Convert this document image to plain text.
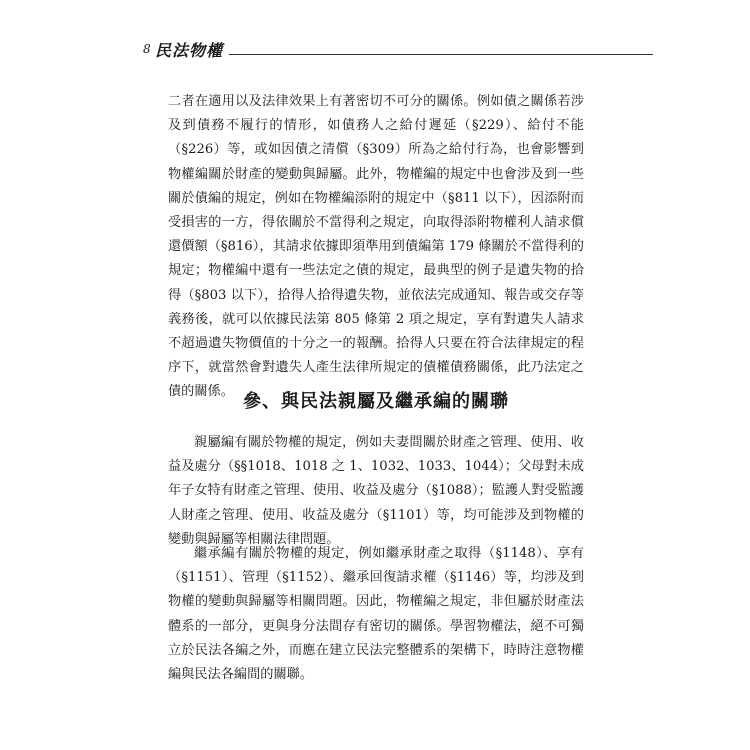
8 民法物權

二者在適用以及法律效果上有著密切不可分的關係。例如債之關係若涉及到債務不履行的情形，如債務人之給付遲延（§229）、給付不能（§226）等，或如因債之清償（§309）所為之給付行為，也會影響到物權編關於財產的變動與歸屬。此外，物權編的規定中也會涉及到一些關於債編的規定，例如在物權編添附的規定中（§811 以下），因添附而受損害的一方，得依關於不當得利之規定，向取得添附物權利人請求償還價額（§816），其請求依據即須準用到債編第 179 條關於不當得利的規定；物權編中還有一些法定之債的規定，最典型的例子是遺失物的拾得（§803 以下），拾得人拾得遺失物，並依法完成通知、報告或交存等義務後，就可以依據民法第 805 條第 2 項之規定，享有對遺失人請求不超過遺失物價值的十分之一的報酬。拾得人只要在符合法律規定的程序下，就當然會對遺失人產生法律所規定的債權債務關係，此乃法定之債的關係。 參、與民法親屬及繼承編的關聯

親屬編有關於物權的規定，例如夫妻間關於財產之管理、使用、收益及處分（§§1018、1018 之 1、1032、1033、1044）；父母對未成年子女特有財產之管理、使用、收益及處分（§1088）；監護人對受監護人財產之管理、使用、收益及處分（§1101）等，均可能涉及到物權的變動與歸屬等相關法律問題。

繼承編有關於物權的規定，例如繼承財產之取得（§1148）、享有（§1151）、管理（§1152）、繼承回復請求權（§1146）等，均涉及到物權的變動與歸屬等相關問題。因此，物權編之規定，非但屬於財產法體系的一部分，更與身分法間存有密切的關係。學習物權法，絕不可獨立於民法各編之外，而應在建立民法完整體系的架構下，時時注意物權編與民法各編間的關聯。
